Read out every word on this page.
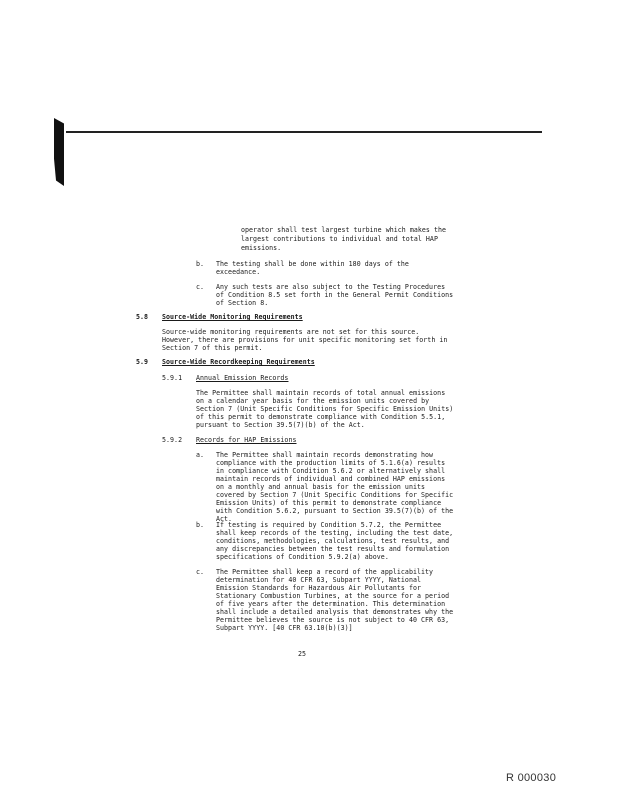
operator shall test largest turbine which makes the
largest contributions to individual and total HAP
emissions.
b. The testing shall be done within 180 days of the
exceedance.
c. Any such tests are also subject to the Testing Procedures
of Condition 8.5 set forth in the General Permit Conditions
of Section 8.
5.8 Source-Wide Monitoring Requirements
Source-wide monitoring requirements are not set for this source.
However, there are provisions for unit specific monitoring set forth in
Section 7 of this permit.
5.9 Source-Wide Recordkeeping Requirements
5.9.1 Annual Emission Records
The Permittee shall maintain records of total annual emissions
on a calendar year basis for the emission units covered by
Section 7 (Unit Specific Conditions for Specific Emission Units)
of this permit to demonstrate compliance with Condition 5.5.1,
pursuant to Section 39.5(7)(b) of the Act.
5.9.2 Records for HAP Emissions
a. The Permittee shall maintain records demonstrating how
compliance with the production limits of 5.1.6(a) results
in compliance with Condition 5.6.2 or alternatively shall
maintain records of individual and combined HAP emissions
on a monthly and annual basis for the emission units
covered by Section 7 (Unit Specific Conditions for Specific
Emission Units) of this permit to demonstrate compliance
with Condition 5.6.2, pursuant to Section 39.5(7)(b) of the
Act.
b. If testing is required by Condition 5.7.2, the Permittee
shall keep records of the testing, including the test date,
conditions, methodologies, calculations, test results, and
any discrepancies between the test results and formulation
specifications of Condition 5.9.2(a) above.
c. The Permittee shall keep a record of the applicability
determination for 40 CFR 63, Subpart YYYY, National
Emission Standards for Hazardous Air Pollutants for
Stationary Combustion Turbines, at the source for a period
of five years after the determination. This determination
shall include a detailed analysis that demonstrates why the
Permittee believes the source is not subject to 40 CFR 63,
Subpart YYYY. [40 CFR 63.10(b)(3)]
25
R 000030
